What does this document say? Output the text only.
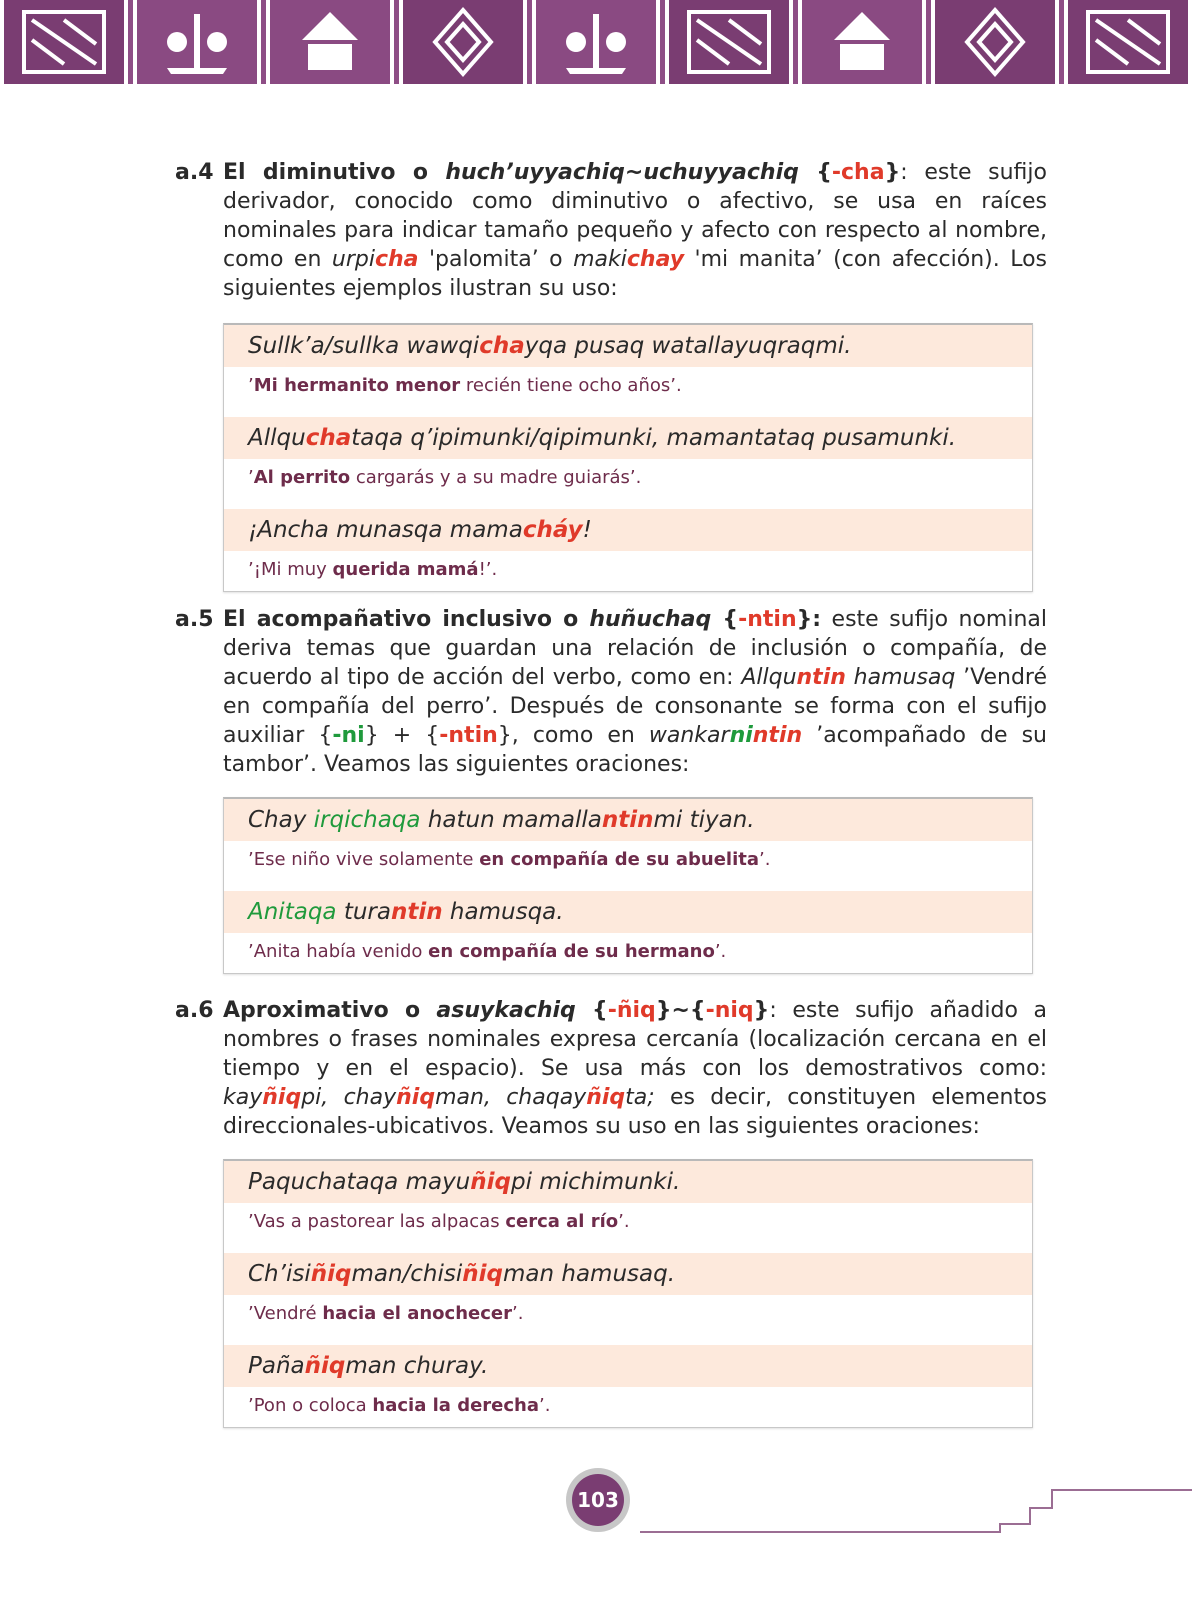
a.4 El diminutivo o huch’uyyachiq~uchuyyachiq {-cha}: este sufijo derivador, conocido como diminutivo o afectivo, se usa en raíces nominales para indicar tamaño pequeño y afecto con respecto al nombre, como en urpicha 'palomita’ o makichay 'mi manita’ (con afección). Los siguientes ejemplos ilustran su uso:
Sullk’a/sullka wawqichayqa pusaq watallayuqraqmi.
’Mi hermanito menor recién tiene ocho años’.
Allquchataqa q’ipimunki/qipimunki, mamantataq pusamunki.
’Al perrito cargarás y a su madre guiarás’.
¡Ancha munasqa mamacháy!
’¡Mi muy querida mamá!’.
a.5 El acompañativo inclusivo o huñuchaq {-ntin}: este sufijo nominal deriva temas que guardan una relación de inclusión o compañía, de acuerdo al tipo de acción del verbo, como en: Allquntin hamusaq ’Vendré en compañía del perro’. Después de consonante se forma con el sufijo auxiliar {-ni} + {-ntin}, como en wankarnintin ’acompañado de su tambor’. Veamos las siguientes oraciones:
Chay irqichaqa hatun mamallantinmi tiyan.
’Ese niño vive solamente en compañía de su abuelita’.
Anitaqa turantin hamusqa.
’Anita había venido en compañía de su hermano’.
a.6 Aproximativo o asuykachiq {-ñiq}~{-niq}: este sufijo añadido a nombres o frases nominales expresa cercanía (localización cercana en el tiempo y en el espacio). Se usa más con los demostrativos como: kayñiqpi, chayñiqman, chaqayñiqta; es decir, constituyen elementos direccionales-ubicativos. Veamos su uso en las siguientes oraciones:
Paquchataqa mayuñiqpi michimunki.
’Vas a pastorear las alpacas cerca al río’.
Ch’isiñiqman/chisiñiqman hamusaq.
’Vendré hacia el anochecer’.
Pañañiqman churay.
’Pon o coloca hacia la derecha’.
103
